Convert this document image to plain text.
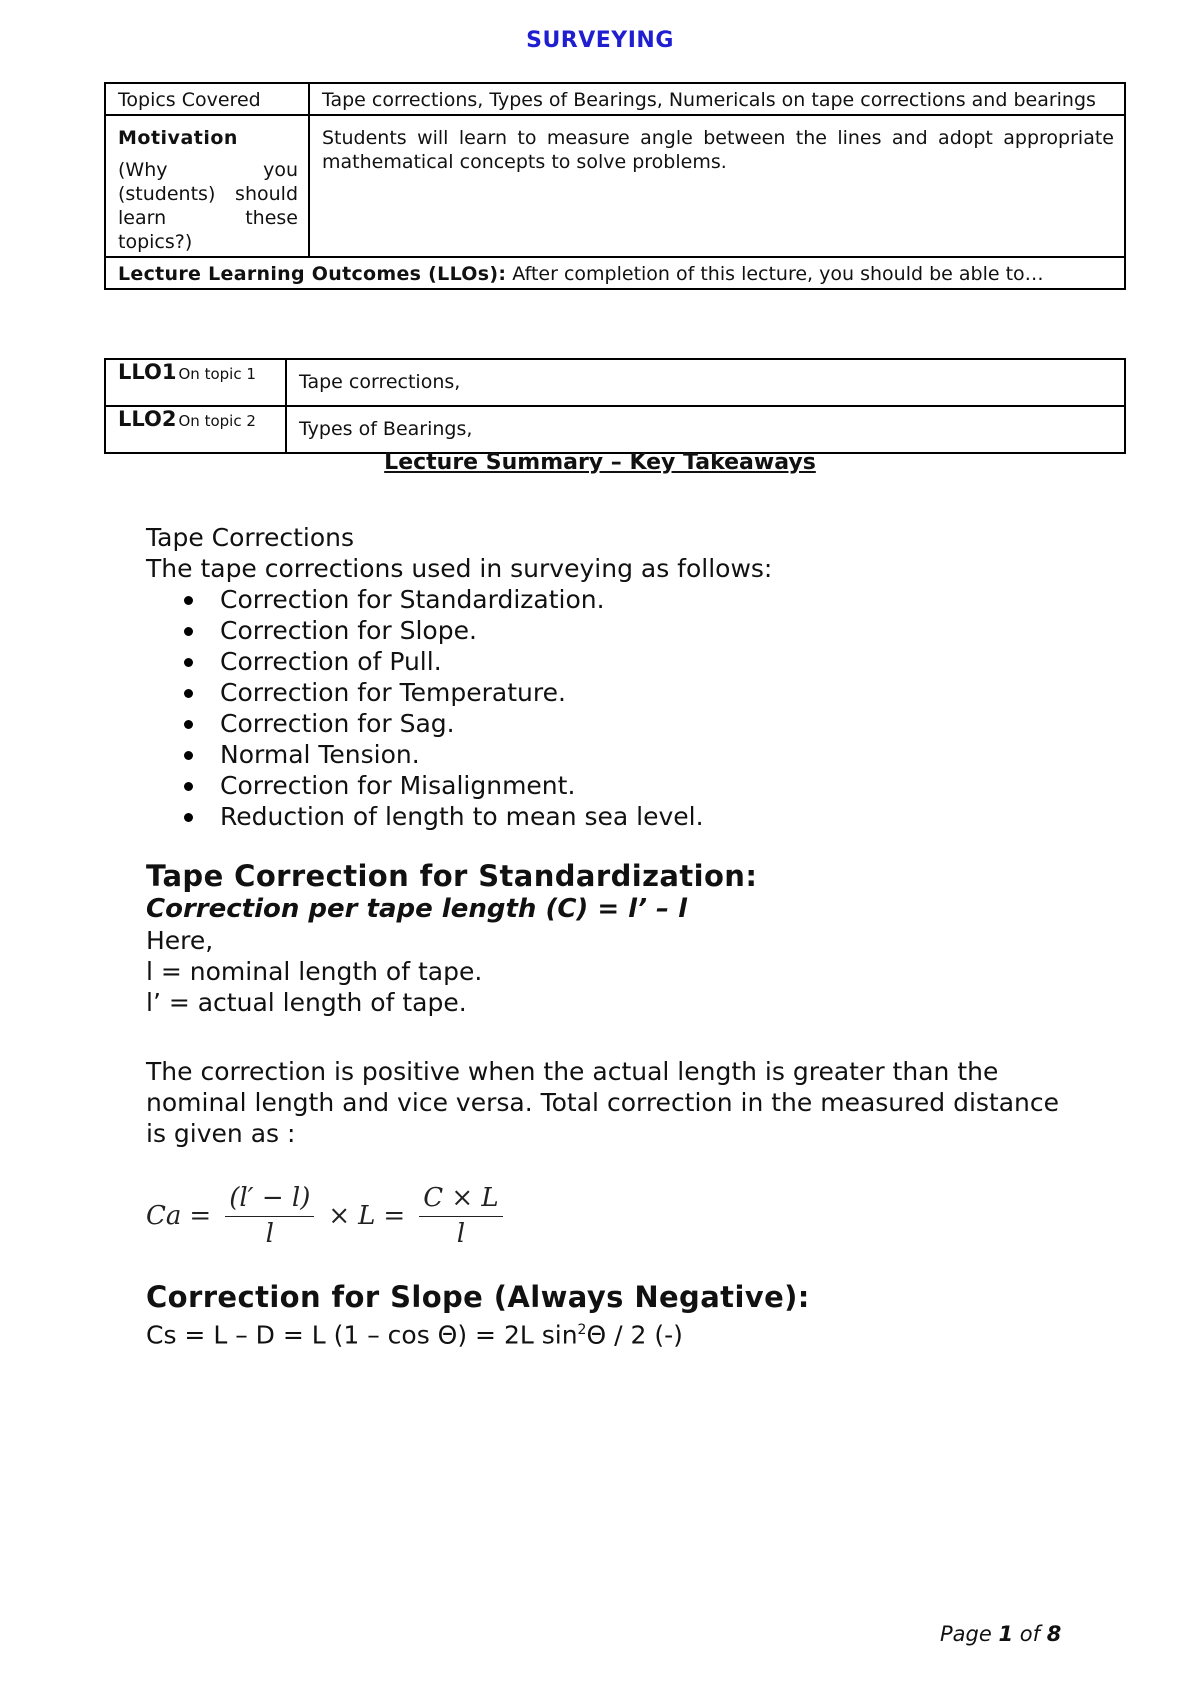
SURVEYING
Topics Covered	Tape corrections, Types of Bearings, Numericals on tape corrections and bearings

Motivation
(Why you (students) should learn these topics?)	Students will learn to measure angle between the lines and adopt appropriate mathematical concepts to solve problems.
Lecture Learning Outcomes (LLOs): After completion of this lecture, you should be able to…	
LLO1 On topic 1	Tape corrections,
LLO2 On topic 2	Types of Bearings,
Lecture Summary – Key Takeaways

Tape Corrections

The tape corrections used in surveying as follows:

Correction for Standardization.
Correction for Slope.
Correction of Pull.
Correction for Temperature.
Correction for Sag.
Normal Tension.
Correction for Misalignment.
Reduction of length to mean sea level.

Tape Correction for Standardization:

Correction per tape length (C) = l’ – l

Here,

l = nominal length of tape.

l’ = actual length of tape.

The correction is positive when the actual length is greater than the nominal length and vice versa. Total correction in the measured distance is given as :

$Ca = \frac{(l' - l)}{l} \times L = \frac{C \times L}{l}$

Correction for Slope (Always Negative):

Cs = L – D = L (1 – cos Θ) = 2L $\sin^2\Theta / 2$ (-)

Page 1 of 8
